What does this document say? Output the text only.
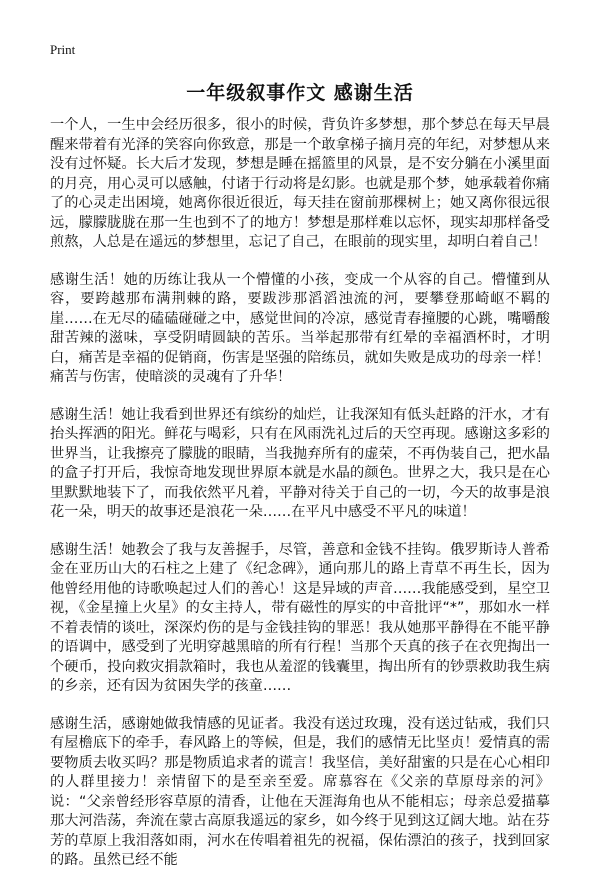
Print
一年级叙事作文 感谢生活

一个人，一生中会经历很多，很小的时候，背负许多梦想，那个梦总在每天早晨醒来带着有光泽的笑容向你致意，那是一个敢拿梯子摘月亮的年纪，对梦想从来没有过怀疑。长大后才发现，梦想是睡在摇篮里的风景，是不安分躺在小溪里面的月亮，用心灵可以感触，付诸于行动将是幻影。也就是那个梦，她承载着你痛了的心灵走出困境，她离你很近很近，每天挂在窗前那棵树上；她又离你很远很远，朦朦胧胧在那一生也到不了的地方！梦想是那样难以忘怀，现实却那样备受煎熬，人总是在遥远的梦想里，忘记了自己，在眼前的现实里，却明白着自己！

感谢生活！她的历练让我从一个懵懂的小孩，变成一个从容的自己。懵懂到从容，要跨越那布满荆棘的路，要跋涉那滔滔浊流的河，要攀登那崎岖不羁的崖……在无尽的磕磕碰碰之中，感觉世间的冷凉，感觉青春撞腰的心跳，嘴嚼酸甜苦辣的滋味，享受阴晴圆缺的苦乐。当举起那带有红晕的幸福酒杯时，才明白，痛苦是幸福的促销商，伤害是坚强的陪练员，就如失败是成功的母亲一样！痛苦与伤害，使暗淡的灵魂有了升华！

感谢生活！她让我看到世界还有缤纷的灿烂，让我深知有低头赶路的汗水，才有抬头挥洒的阳光。鲜花与喝彩，只有在风雨洗礼过后的天空再现。感谢这多彩的世界当，让我擦亮了朦胧的眼睛，当我抛弃所有的虚荣，不再伪装自己，把水晶的盒子打开后，我惊奇地发现世界原本就是水晶的颜色。世界之大，我只是在心里默默地装下了，而我依然平凡着，平静对待关于自己的一切，今天的故事是浪花一朵，明天的故事还是浪花一朵……在平凡中感受不平凡的味道！

感谢生活！她教会了我与友善握手，尽管，善意和金钱不挂钩。俄罗斯诗人普希金在亚历山大的石柱之上建了《纪念碑》，通向那儿的路上青草不再生长，因为他曾经用他的诗歌唤起过人们的善心！这是异域的声音……我能感受到，星空卫视，《金星撞上火星》的女主持人，带有磁性的厚实的中音批评“*”，那如水一样不着表情的谈吐，深深灼伤的是与金钱挂钩的罪恶！我从她那平静得在不能平静的语调中，感受到了光明穿越黑暗的所有行程！当那个天真的孩子在衣兜掏出一个硬币，投向救灾捐款箱时，我也从羞涩的钱囊里，掏出所有的钞票救助我生病的乡亲，还有因为贫困失学的孩童……

感谢生活，感谢她做我情感的见证者。我没有送过玫瑰，没有送过钻戒，我们只有屋檐底下的牵手，春风路上的等候，但是，我们的感情无比坚贞！爱情真的需要物质去收买吗？那是物质追求者的谎言！我坚信，美好甜蜜的只是在心心相印的人群里接力！亲情留下的是至亲至爱。席慕容在《父亲的草原母亲的河》说：“父亲曾经形容草原的清香，让他在天涯海角也从不能相忘；母亲总爱描摹那大河浩荡，奔流在蒙古高原我遥远的家乡，如今终于见到这辽阔大地。站在芬芳的草原上我泪落如雨，河水在传唱着祖先的祝福，保佑漂泊的孩子，找到回家的路。虽然已经不能
